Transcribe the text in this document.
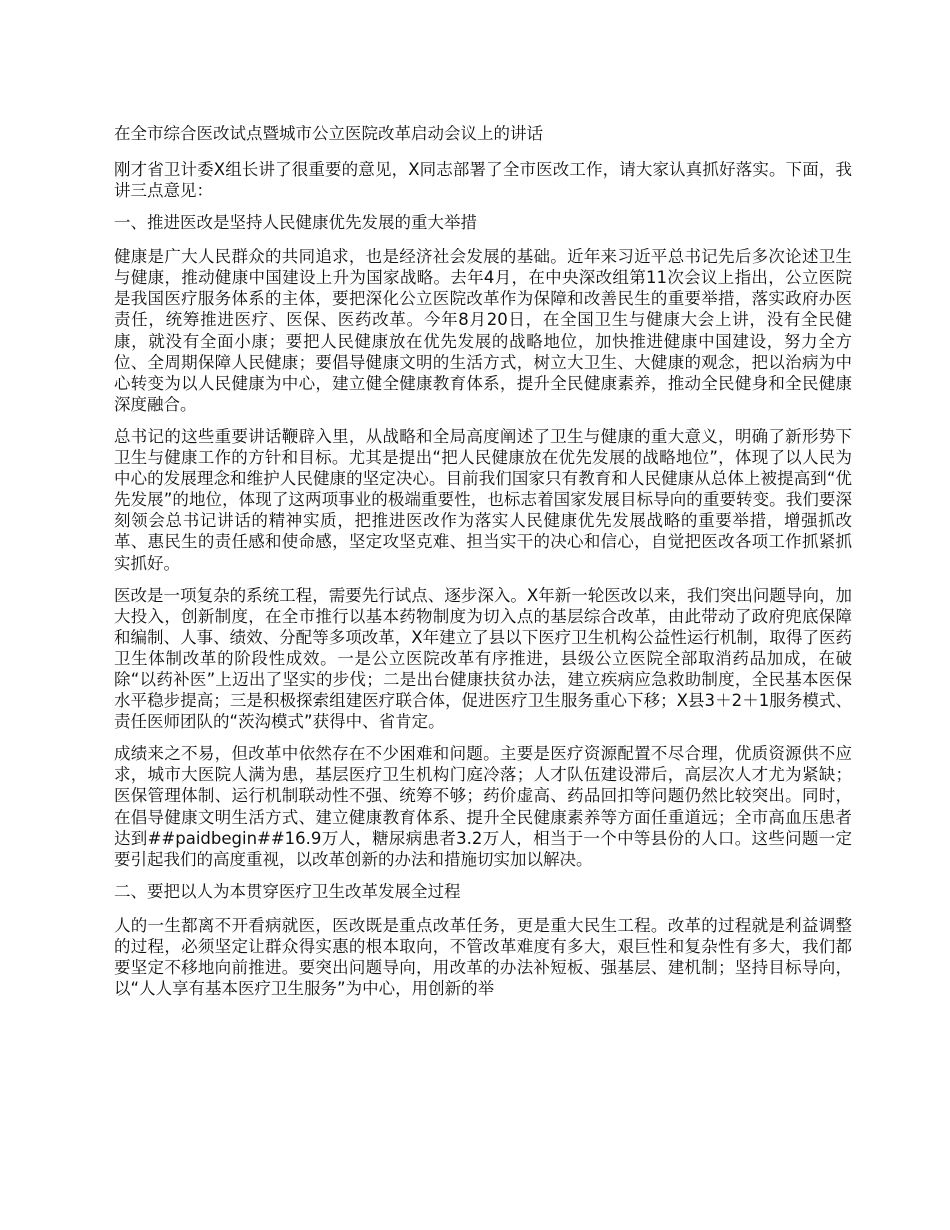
在全市综合医改试点暨城市公立医院改革启动会议上的讲话
刚才省卫计委X组长讲了很重要的意见，X同志部署了全市医改工作，请大家认真抓好落实。下面，我讲三点意见：
一、推进医改是坚持人民健康优先发展的重大举措
健康是广大人民群众的共同追求，也是经济社会发展的基础。近年来习近平总书记先后多次论述卫生与健康，推动健康中国建设上升为国家战略。去年4月，在中央深改组第11次会议上指出，公立医院是我国医疗服务体系的主体，要把深化公立医院改革作为保障和改善民生的重要举措，落实政府办医责任，统筹推进医疗、医保、医药改革。今年8月20日，在全国卫生与健康大会上讲，没有全民健康，就没有全面小康；要把人民健康放在优先发展的战略地位，加快推进健康中国建设，努力全方位、全周期保障人民健康；要倡导健康文明的生活方式，树立大卫生、大健康的观念，把以治病为中心转变为以人民健康为中心，建立健全健康教育体系，提升全民健康素养，推动全民健身和全民健康深度融合。
总书记的这些重要讲话鞭辟入里，从战略和全局高度阐述了卫生与健康的重大意义，明确了新形势下卫生与健康工作的方针和目标。尤其是提出“把人民健康放在优先发展的战略地位”，体现了以人民为中心的发展理念和维护人民健康的坚定决心。目前我们国家只有教育和人民健康从总体上被提高到“优先发展”的地位，体现了这两项事业的极端重要性，也标志着国家发展目标导向的重要转变。我们要深刻领会总书记讲话的精神实质，把推进医改作为落实人民健康优先发展战略的重要举措，增强抓改革、惠民生的责任感和使命感，坚定攻坚克难、担当实干的决心和信心，自觉把医改各项工作抓紧抓实抓好。
医改是一项复杂的系统工程，需要先行试点、逐步深入。X年新一轮医改以来，我们突出问题导向，加大投入，创新制度，在全市推行以基本药物制度为切入点的基层综合改革，由此带动了政府兜底保障和编制、人事、绩效、分配等多项改革，X年建立了县以下医疗卫生机构公益性运行机制，取得了医药卫生体制改革的阶段性成效。一是公立医院改革有序推进，县级公立医院全部取消药品加成，在破除“以药补医”上迈出了坚实的步伐；二是出台健康扶贫办法，建立疾病应急救助制度，全民基本医保水平稳步提高；三是积极探索组建医疗联合体，促进医疗卫生服务重心下移；X县3＋2＋1服务模式、责任医师团队的“茨沟模式”获得中、省肯定。
成绩来之不易，但改革中依然存在不少困难和问题。主要是医疗资源配置不尽合理，优质资源供不应求，城市大医院人满为患，基层医疗卫生机构门庭冷落；人才队伍建设滞后，高层次人才尤为紧缺；医保管理体制、运行机制联动性不强、统筹不够；药价虚高、药品回扣等问题仍然比较突出。同时，在倡导健康文明生活方式、建立健康教育体系、提升全民健康素养等方面任重道远；全市高血压患者达到##paidbegin##16.9万人，糖尿病患者3.2万人，相当于一个中等县份的人口。这些问题一定要引起我们的高度重视，以改革创新的办法和措施切实加以解决。
二、要把以人为本贯穿医疗卫生改革发展全过程
人的一生都离不开看病就医，医改既是重点改革任务，更是重大民生工程。改革的过程就是利益调整的过程，必须坚定让群众得实惠的根本取向，不管改革难度有多大，艰巨性和复杂性有多大，我们都要坚定不移地向前推进。要突出问题导向，用改革的办法补短板、强基层、建机制；坚持目标导向，以“人人享有基本医疗卫生服务”为中心，用创新的举
